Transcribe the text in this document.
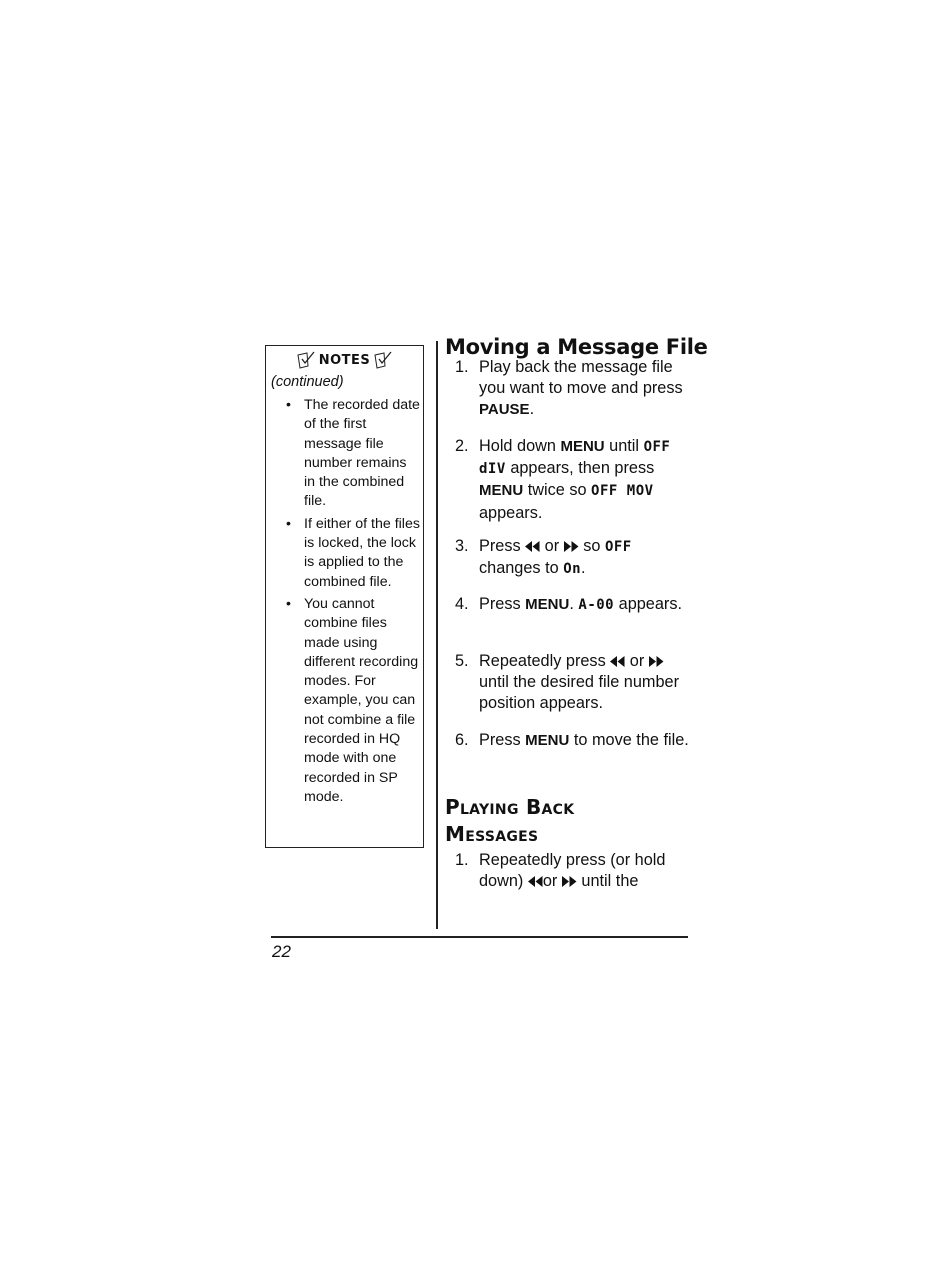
NOTES
(continued)
• The recorded date of the first message file number remains in the combined file.
• If either of the files is locked, the lock is applied to the combined file.
• You cannot combine files made using different recording modes. For example, you can not combine a file recorded in HQ mode with one recorded in SP mode.
Moving a Message File
1. Play back the message file you want to move and press PAUSE.
2. Hold down MENU until OFF dIV appears, then press MENU twice so OFF MOV appears.
3. Press
or
so OFF changes to On.
4. Press MENU. A-00 appears.
5. Repeatedly press
or
until the desired file number position appears.
6. Press MENU to move the file.
Playing Back
Messages
1. Repeatedly press (or hold down)
or
until the
22
